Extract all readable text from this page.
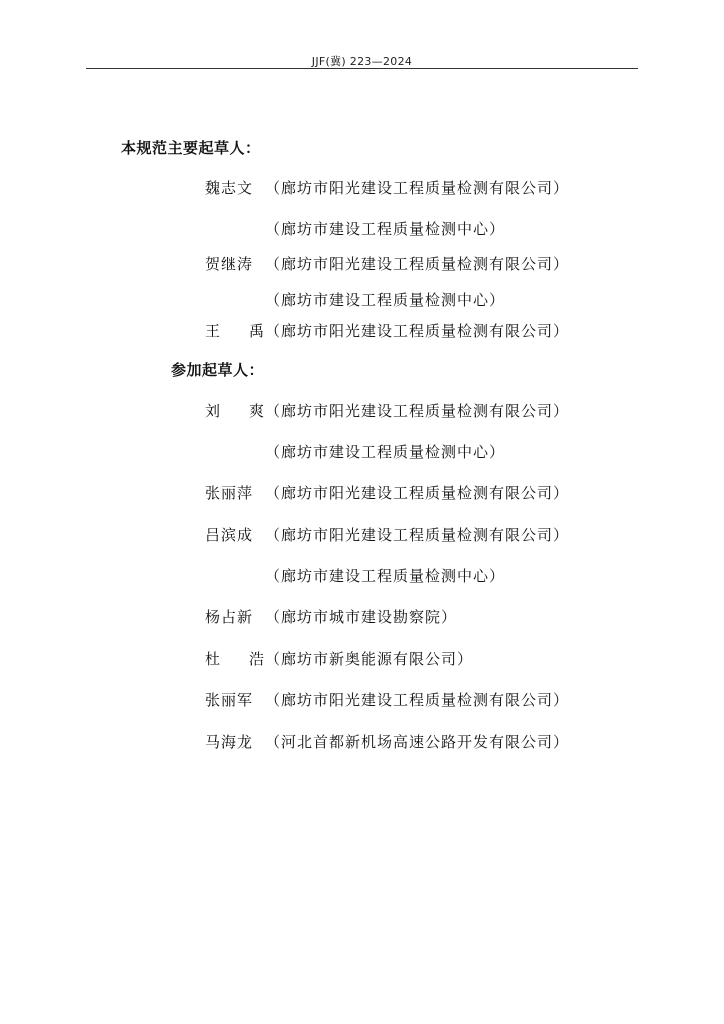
JJF(冀) 223—2024
本规范主要起草人：
魏志文 （廊坊市阳光建设工程质量检测有限公司）
（廊坊市建设工程质量检测中心）
贺继涛 （廊坊市阳光建设工程质量检测有限公司）
（廊坊市建设工程质量检测中心）
王禹（廊坊市阳光建设工程质量检测有限公司）
参加起草人：
刘爽（廊坊市阳光建设工程质量检测有限公司）
（廊坊市建设工程质量检测中心）
张丽萍 （廊坊市阳光建设工程质量检测有限公司）
吕滨成 （廊坊市阳光建设工程质量检测有限公司）
（廊坊市建设工程质量检测中心）
杨占新 （廊坊市城市建设勘察院）
杜浩（廊坊市新奥能源有限公司）
张丽军 （廊坊市阳光建设工程质量检测有限公司）
马海龙 （河北首都新机场高速公路开发有限公司）
